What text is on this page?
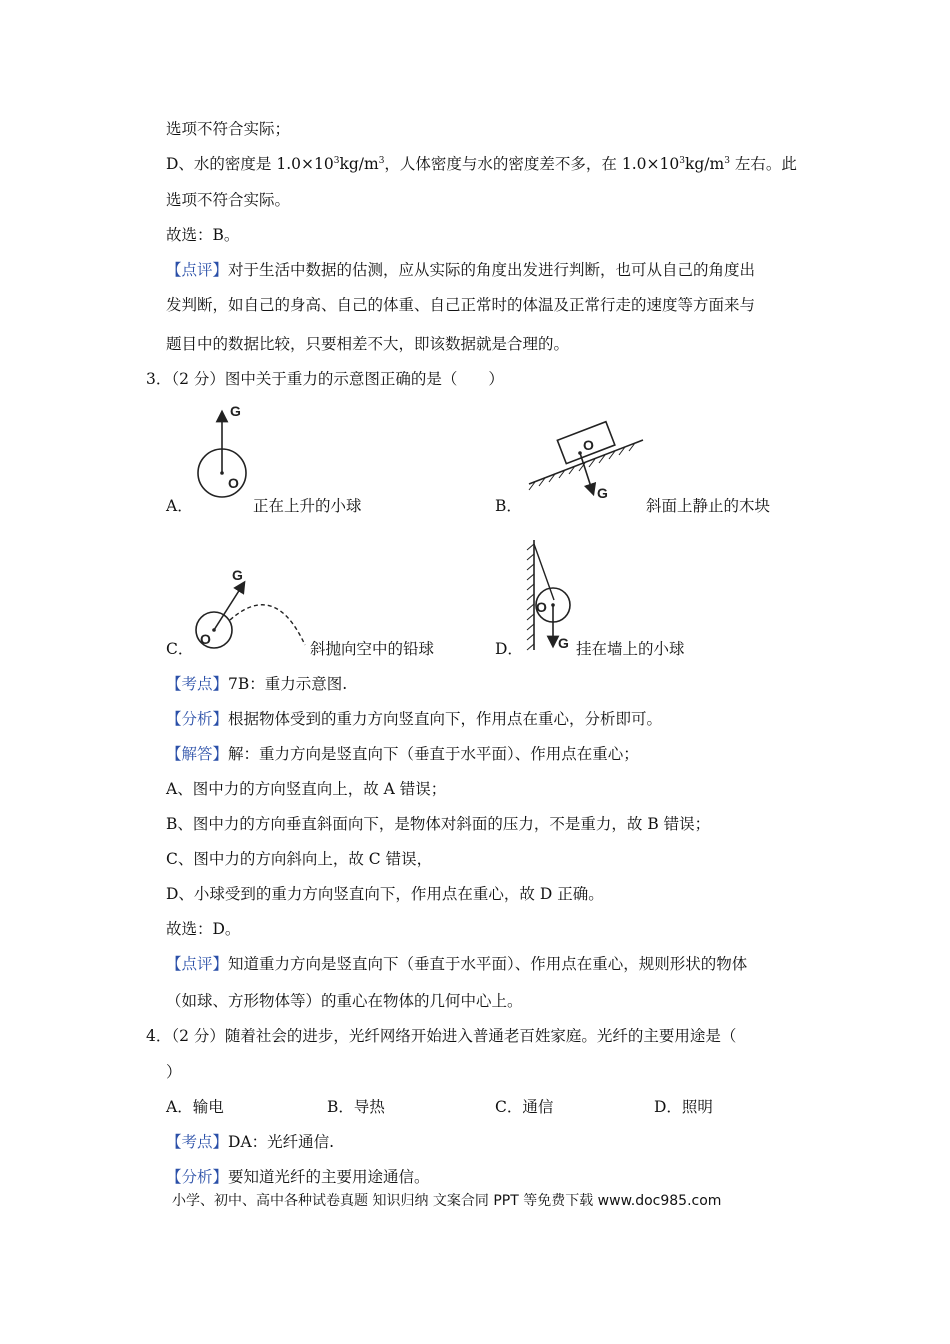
选项不符合实际；
D、水的密度是 $1.0\times 10^3kg/m^3$，人体密度与水的密度差不多，在 $1.0\times 10^3kg/m^3$ 左右。此
选项不符合实际。
故选：B。
【点评】对于生活中数据的估测，应从实际的角度出发进行判断，也可从自己的角度出
发判断，如自己的身高、自己的体重、自己正常时的体温及正常行走的速度等方面来与
题目中的数据比较，只要相差不大，即该数据就是合理的。
3．（2 分）图中关于重力的示意图正确的是（　　）
G
O
A．	正在上升的小球
O
G
B．	斜面上静止的木块
G
O
C．	斜抛向空中的铅球
O
G
D．	挂在墙上的小球
【考点】7B：重力示意图.
【分析】根据物体受到的重力方向竖直向下，作用点在重心，分析即可。
【解答】解：重力方向是竖直向下（垂直于水平面）、作用点在重心；
A、图中力的方向竖直向上，故 A 错误；
B、图中力的方向垂直斜面向下，是物体对斜面的压力，不是重力，故 B 错误；
C、图中力的方向斜向上，故 C 错误，
D、小球受到的重力方向竖直向下，作用点在重心，故 D 正确。
故选：D。
【点评】知道重力方向是竖直向下（垂直于水平面）、作用点在重心，规则形状的物体
（如球、方形物体等）的重心在物体的几何中心上。
4．（2 分）随着社会的进步，光纤网络开始进入普通老百姓家庭。光纤的主要用途是（
）
A．输电	B．导热	C．通信	D．照明
【考点】DA：光纤通信.
【分析】要知道光纤的主要用途通信。
小学、初中、高中各种试卷真题 知识归纳 文案合同 PPT 等免费下载 www.doc985.com
